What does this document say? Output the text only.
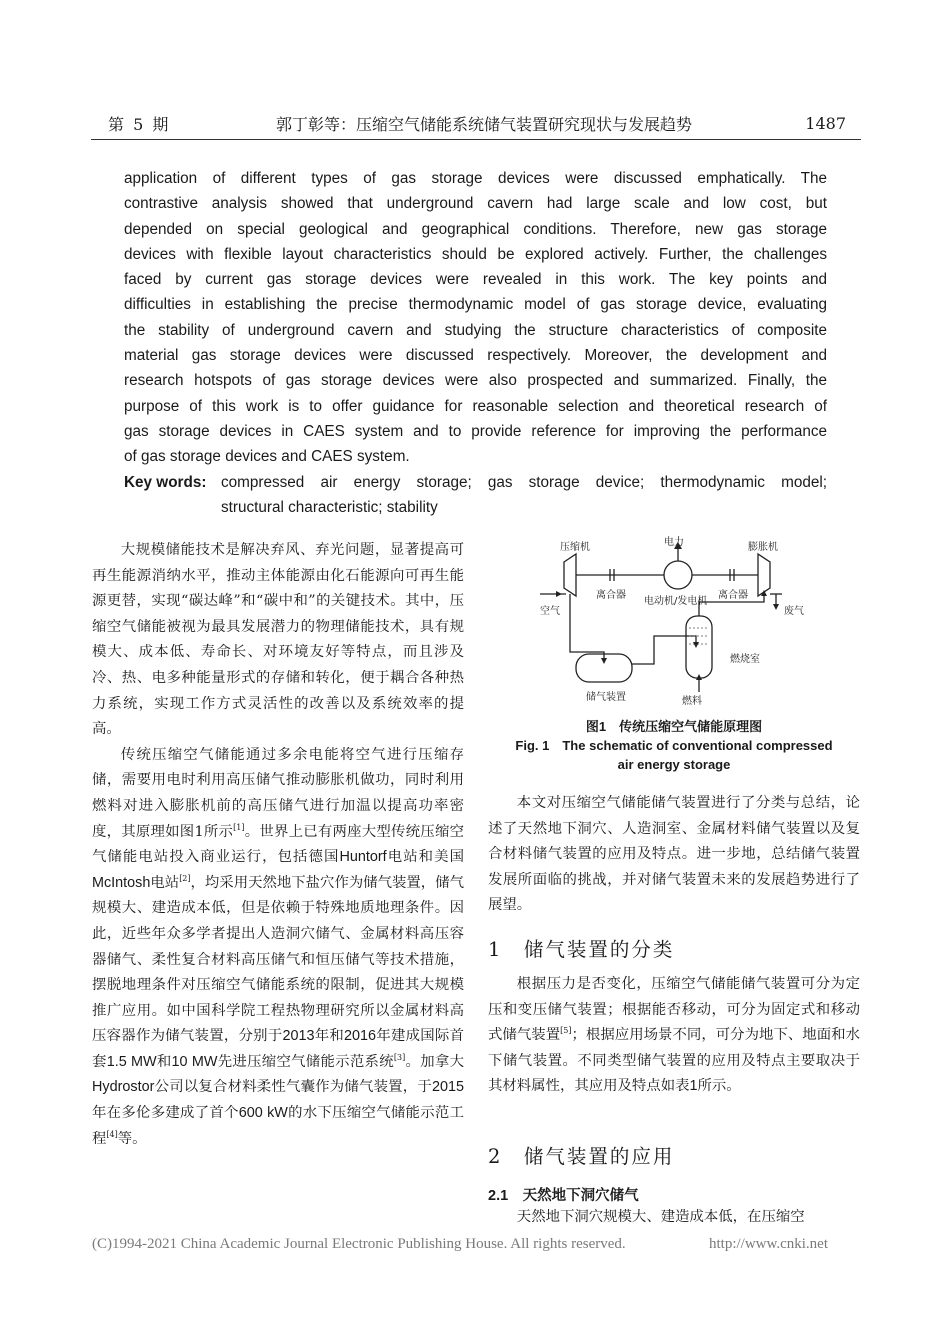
第 5 期	郭丁彰等：压缩空气储能系统储气装置研究现状与发展趋势	1487
application of different types of gas storage devices were discussed emphatically. The
contrastive analysis showed that underground cavern had large scale and low cost, but
depended on special geological and geographical conditions. Therefore, new gas storage
devices with flexible layout characteristics should be explored actively. Further, the challenges
faced by current gas storage devices were revealed in this work. The key points and
difficulties in establishing the precise thermodynamic model of gas storage device, evaluating
the stability of underground cavern and studying the structure characteristics of composite
material gas storage devices were discussed respectively. Moreover, the development and
research hotspots of gas storage devices were also prospected and summarized. Finally, the
purpose of this work is to offer guidance for reasonable selection and theoretical research of
gas storage devices in CAES system and to provide reference for improving the performance
of gas storage devices and CAES system.
Key words: compressed air energy storage; gas storage device; thermodynamic model;
structural characteristic; stability

大规模储能技术是解决弃风、弃光问题，显著提高可再生能源消纳水平，推动主体能源由化石能源向可再生能源更替，实现“碳达峰”和“碳中和”的关键技术。其中，压缩空气储能被视为最具发展潜力的物理储能技术，具有规模大、成本低、寿命长、对环境友好等特点，而且涉及冷、热、电多种能量形式的存储和转化，便于耦合各种热力系统，实现工作方式灵活性的改善以及系统效率的提高。

传统压缩空气储能通过多余电能将空气进行压缩存储，需要用电时利用高压储气推动膨胀机做功，同时利用燃料对进入膨胀机前的高压储气进行加温以提高功率密度，其原理如图1所示[1]。世界上已有两座大型传统压缩空气储能电站投入商业运行，包括德国Huntorf电站和美国McIntosh电站[2]，均采用天然地下盐穴作为储气装置，储气规模大、建造成本低，但是依赖于特殊地质地理条件。因此，近些年众多学者提出人造洞穴储气、金属材料高压容器储气、柔性复合材料高压储气和恒压储气等技术措施，摆脱地理条件对压缩空气储能系统的限制，促进其大规模推广应用。如中国科学院工程热物理研究所以金属材料高压容器作为储气装置，分别于2013年和2016年建成国际首套1.5 MW和10 MW先进压缩空气储能示范系统[3]。加拿大Hydrostor公司以复合材料柔性气囊作为储气装置，于2015年在多伦多建成了首个600 kW的水下压缩空气储能示范工程[4]等。

压缩机	电力	膨胀机
空气
离合器
电动机/发电机
离合器
废气
燃烧室
储气装置	燃料
图1　传统压缩空气储能原理图
Fig. 1　The schematic of conventional compressed
air energy storage

本文对压缩空气储能储气装置进行了分类与总结，论述了天然地下洞穴、人造洞室、金属材料储气装置以及复合材料储气装置的应用及特点。进一步地，总结储气装置发展所面临的挑战，并对储气装置未来的发展趋势进行了展望。

1　储气装置的分类

根据压力是否变化，压缩空气储能储气装置可分为定压和变压储气装置；根据能否移动，可分为固定式和移动式储气装置[5]；根据应用场景不同，可分为地下、地面和水下储气装置。不同类型储气装置的应用及特点主要取决于其材料属性，其应用及特点如表1所示。

2　储气装置的应用
2.1　天然地下洞穴储气

天然地下洞穴规模大、建造成本低，在压缩空

(C)1994-2021 China Academic Journal Electronic Publishing House. All rights reserved.	http://www.cnki.net
